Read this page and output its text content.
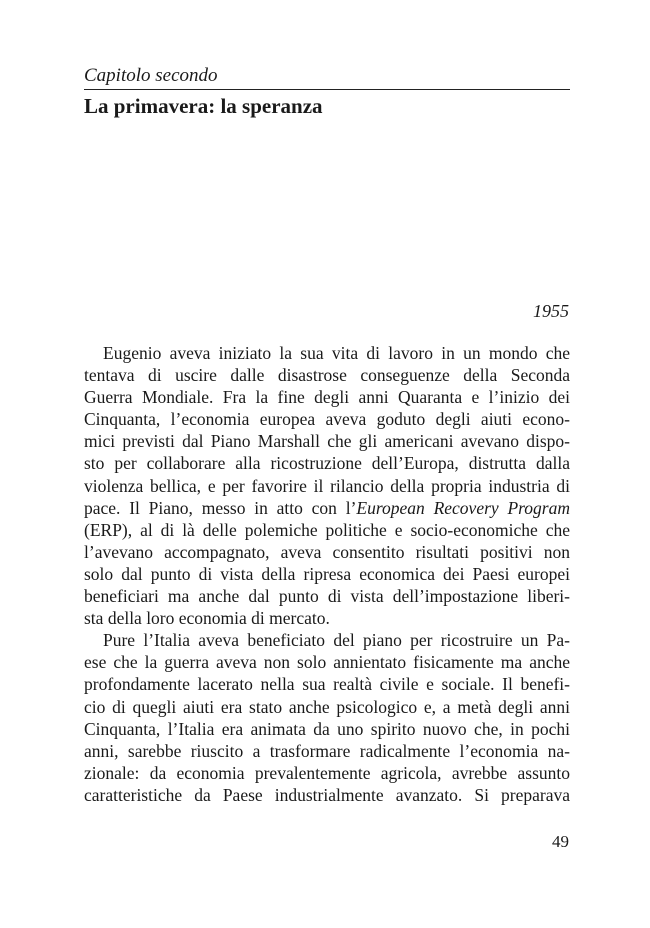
Capitolo secondo
La primavera: la speranza
1955
Eugenio aveva iniziato la sua vita di lavoro in un mondo che
tentava di uscire dalle disastrose conseguenze della Seconda
Guerra Mondiale. Fra la fine degli anni Quaranta e l’inizio dei
Cinquanta, l’economia europea aveva goduto degli aiuti econo-
mici previsti dal Piano Marshall che gli americani avevano dispo-
sto per collaborare alla ricostruzione dell’Europa, distrutta dalla
violenza bellica, e per favorire il rilancio della propria industria di
pace. Il Piano, messo in atto con l’European Recovery Program
(ERP), al di là delle polemiche politiche e socio-economiche che
l’avevano accompagnato, aveva consentito risultati positivi non
solo dal punto di vista della ripresa economica dei Paesi europei
beneficiari ma anche dal punto di vista dell’impostazione liberi-
sta della loro economia di mercato.
Pure l’Italia aveva beneficiato del piano per ricostruire un Pa-
ese che la guerra aveva non solo annientato fisicamente ma anche
profondamente lacerato nella sua realtà civile e sociale. Il benefi-
cio di quegli aiuti era stato anche psicologico e, a metà degli anni
Cinquanta, l’Italia era animata da uno spirito nuovo che, in pochi
anni, sarebbe riuscito a trasformare radicalmente l’economia na-
zionale: da economia prevalentemente agricola, avrebbe assunto
caratteristiche da Paese industrialmente avanzato. Si preparava
49
